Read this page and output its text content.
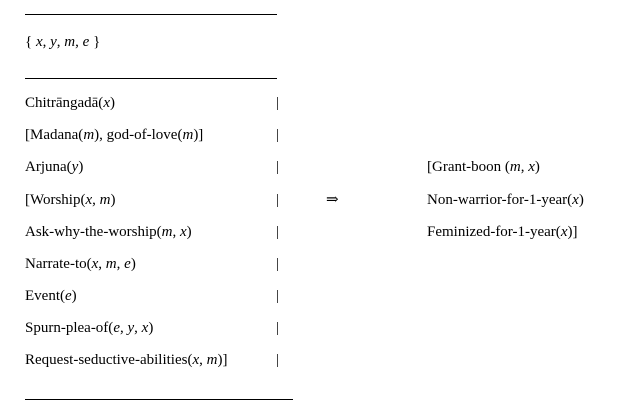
{ x, y, m, e }
Chitrāngadā(x)	|
[Madana(m), god-of-love(m)]	|
Arjuna(y)	|
[Worship(x, m)	|
Ask-why-the-worship(m, x)	|
Narrate-to(x, m, e)	|
Event(e)	|
Spurn-plea-of(e, y, x)	|
Request-seductive-abilities(x, m)]	|
⇒
[Grant-boon (m, x)
Non-warrior-for-1-year(x)
Feminized-for-1-year(x)]
